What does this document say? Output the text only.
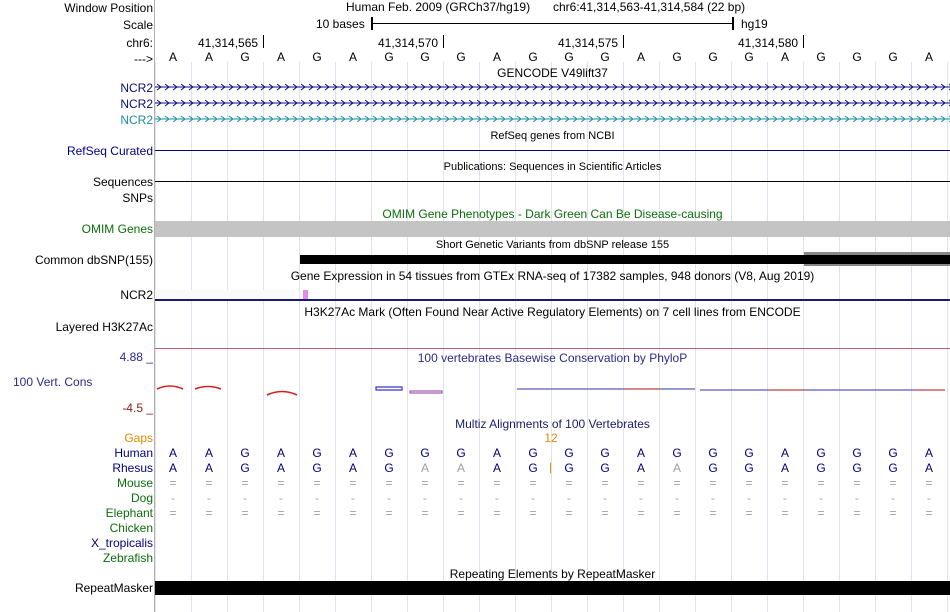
Window Position	Human Feb. 2009 (GRCh37/hg19) chr6:41,314,563-41,314,584 (22 bp)
Scale	10 bases	hg19
chr6:	41,314,565	41,314,570	41,314,575	41,314,580
--->	A	A	G	A	G	A	G	G	G	A	G	G	G	A	G	G	G	A	G	G	G	A
GENCODE V49lift37
NCR2
NCR2
NCR2
RefSeq genes from NCBI
RefSeq Curated
Publications: Sequences in Scientific Articles
Sequences
SNPs
OMIM Gene Phenotypes - Dark Green Can Be Disease-causing
OMIM Genes
Short Genetic Variants from dbSNP release 155
Common dbSNP(155)
Gene Expression in 54 tissues from GTEx RNA-seq of 17382 samples, 948 donors (V8, Aug 2019)
NCR2
H3K27Ac Mark (Often Found Near Active Regulatory Elements) on 7 cell lines from ENCODE
Layered H3K27Ac
100 vertebrates Basewise Conservation by PhyloP
4.88 _
100 Vert. Cons
-4.5 _
Multiz Alignments of 100 Vertebrates
Gaps	12
Human	A	A	G	A	G	A	G	G	G	A	G	G	G	A	G	G	G	A	G	G	G	A
Rhesus	A	A	G	A	G	A	G	A	A	A	G	G	G	A	A	G	G	A	G	G	G	A
|
Mouse	=	=	=	=	=	=	=	=	=	=	=	=	=	=	=	=	=	=	=	=	=	=
Dog	-	-	-	-	-	-	-	-	-	-	-	-	-	-	-	-	-	-	-	-	-	-
Elephant	=	=	=	=	=	=	=	=	=	=	=	=	=	=	=	=	=	=	=	=	=	=
Chicken
X_tropicalis
Zebrafish
Repeating Elements by RepeatMasker
RepeatMasker
